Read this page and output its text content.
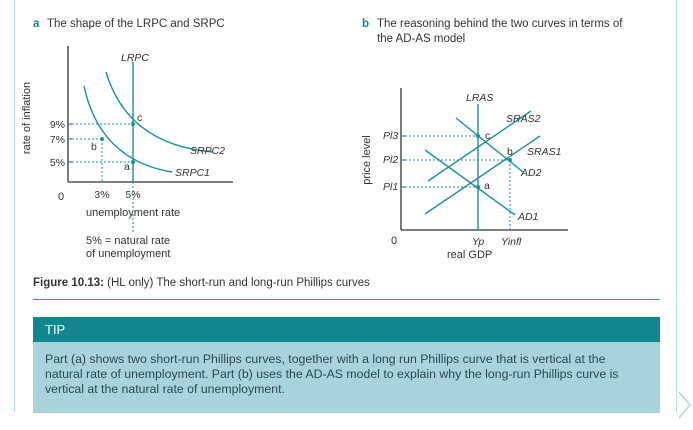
a The shape of the LRPC and SRPC
rate of inflation
unemployment rate
0
9%
7%
5%
3% 5%
LRPC
SRPC2
SRPC1
c
b
a
5% = natural rate
of unemployment
b The reasoning behind the two curves in terms of
the AD-AS model
price level
real GDP
0
Pl3
Pl2
Pl1
Yp Yinfl
LRAS
SRAS2
SRAS1
AD2
AD1
c
b
a
Figure 10.13: (HL only) The short-run and long-run Phillips curves
TIP
Part (a) shows two short-run Phillips curves, together with a long run Phillips curve that is vertical at the natural rate of unemployment. Part (b) uses the AD-AS model to explain why the long-run Phillips curve is vertical at the natural rate of unemployment.
